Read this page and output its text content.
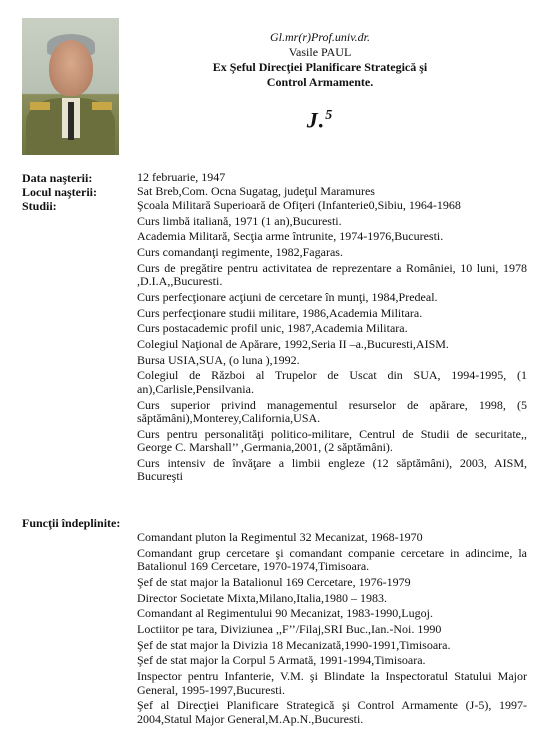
Gl.mr(r)Prof.univ.dr.
Vasile PAUL
Ex Şeful Direcţiei Planificare Strategică şi
Control Armamente.
J.$^5$
Data naşterii:	12 februarie, 1947
Locul naşterii:	Sat Breb,Com. Ocna Sugatag, judeţul Maramures
Studii:	Şcoala Militară Superioară de Ofiţeri (Infanterie0,Sibiu, 1964-1968
Curs limbă italiană, 1971 (1 an),Bucuresti.
Academia Militară, Secţia arme întrunite, 1974-1976,Bucuresti.
Curs comandanţi regimente, 1982,Fagaras.
Curs de pregătire pentru activitatea de reprezentare a României, 10 luni, 1978 ,D.I.A,,Bucuresti.
Curs perfecţionare acţiuni de cercetare în munţi, 1984,Predeal.
Curs perfecţionare studii militare, 1986,Academia Militara.
Curs postacademic profil unic, 1987,Academia Militara.
Colegiul Naţional de Apărare, 1992,Seria II –a.,Bucuresti,AISM.
Bursa USIA,SUA, (o luna ),1992.
Colegiul de Război al Trupelor de Uscat din SUA, 1994-1995, (1 an),Carlisle,Pensilvania.
Curs superior privind managementul resurselor de apărare, 1998, (5 săptămâni),Monterey,California,USA.
Curs pentru personalităţi politico-militare, Centrul de Studii de securitate,, George C. Marshall’’ ,Germania,2001, (2 săptămâni).
Curs intensiv de învăţare a limbii engleze (12 săptămâni), 2003, AISM, Bucureşti
Funcţii îndeplinite:
Comandant pluton la Regimentul 32 Mecanizat, 1968-1970
Comandant grup cercetare şi comandant companie cercetare in adincime, la Batalionul 169 Cercetare, 1970-1974,Timisoara.
Şef de stat major la Batalionul 169 Cercetare, 1976-1979
Director Societate Mixta,Milano,Italia,1980 – 1983.
Comandant al Regimentului 90 Mecanizat, 1983-1990,Lugoj.
Loctiitor pe tara, Diviziunea ,,F’’/Filaj,SRI Buc.,Ian.-Noi. 1990
Şef de stat major la Divizia 18 Mecanizată,1990-1991,Timisoara.
Şef de stat major la Corpul 5 Armată, 1991-1994,Timisoara.
Inspector pentru Infanterie, V.M. şi Blindate la Inspectoratul Statului Major General, 1995-1997,Bucuresti.
Şef al Direcţiei Planificare Strategică şi Control Armamente (J-5), 1997-2004,Statul Major General,M.Ap.N.,Bucuresti.
